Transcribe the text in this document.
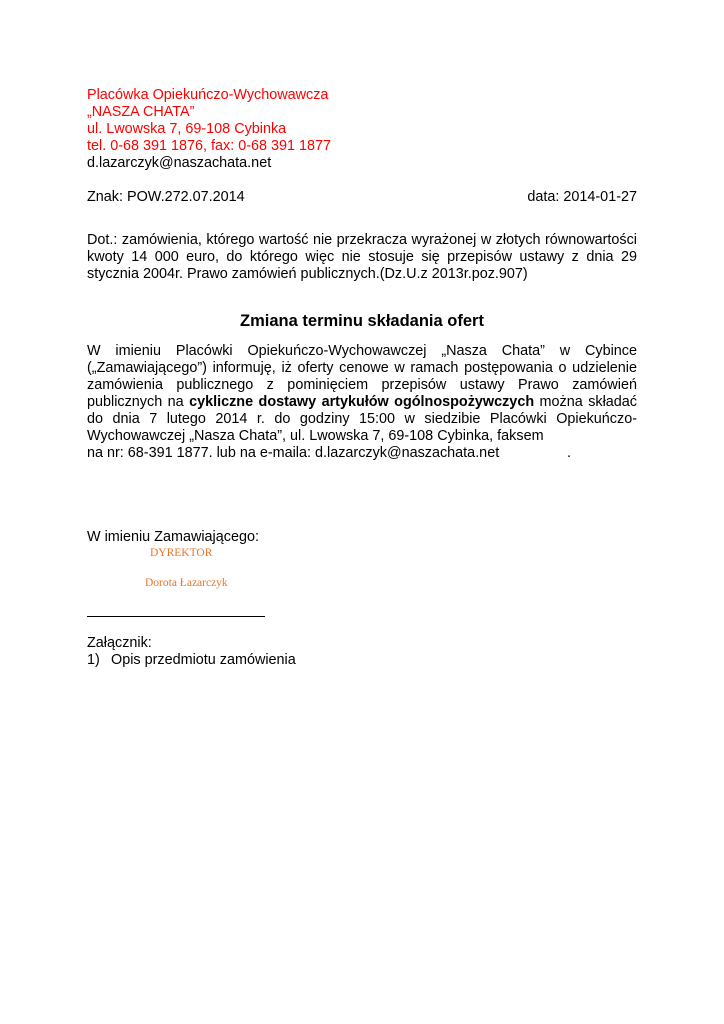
Placówka Opiekuńczo-Wychowawcza
„NASZA CHATA”
ul. Lwowska 7, 69-108 Cybinka
tel. 0-68 391 1876, fax: 0-68 391 1877
d.lazarczyk@naszachata.net
Znak: POW.272.07.2014	data: 2014-01-27
Dot.: zamówienia, którego wartość nie przekracza wyrażonej w złotych równowartości kwoty 14 000 euro, do którego więc nie stosuje się przepisów ustawy z dnia 29 stycznia 2004r. Prawo zamówień publicznych.(Dz.U.z 2013r.poz.907)
Zmiana terminu składania ofert
W imieniu Placówki Opiekuńczo-Wychowawczej „Nasza Chata” w Cybince („Zamawiającego”) informuję, iż oferty cenowe w ramach postępowania o udzielenie zamówienia publicznego z pominięciem przepisów ustawy Prawo zamówień publicznych na cykliczne dostawy artykułów ogólnospożywczych można składać do dnia 7 lutego 2014 r. do godziny 15:00 w siedzibie Placówki Opiekuńczo-Wychowawczej „Nasza Chata”, ul. Lwowska 7, 69-108 Cybinka, faksem
na nr: 68-391 1877. lub na e-maila: d.lazarczyk@naszachata.net	.
W imieniu Zamawiającego:
DYREKTOR
Dorota Łazarczyk
Załącznik:
1) Opis przedmiotu zamówienia
